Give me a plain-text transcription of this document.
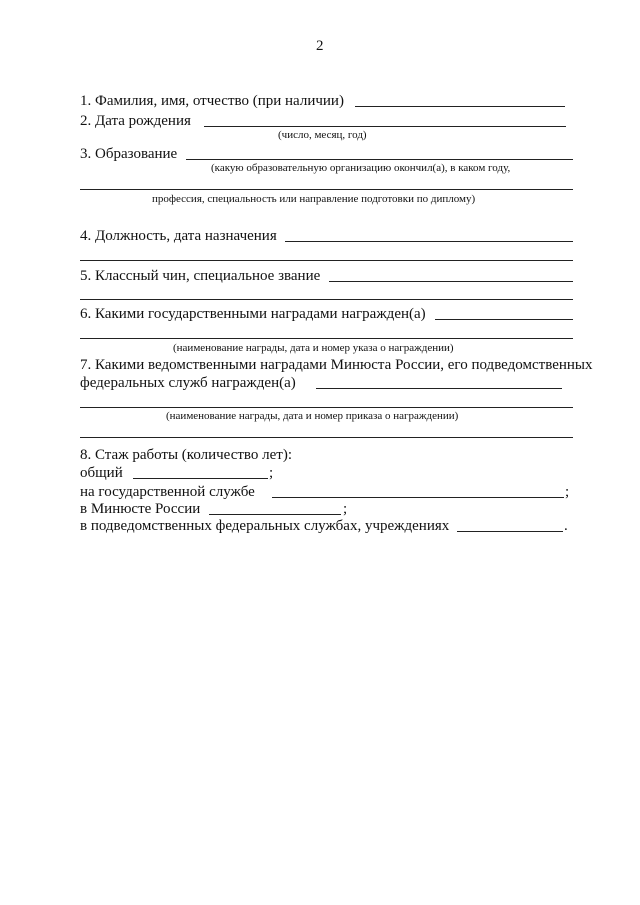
2
1. Фамилия, имя, отчество (при наличии)
2. Дата рождения
(число, месяц, год)
3. Образование
(какую образовательную организацию окончил(а), в каком году,
профессия, специальность или направление подготовки по диплому)
4. Должность, дата назначения
5. Классный чин, специальное звание
6. Какими государственными наградами награжден(а)
(наименование награды, дата и номер указа о награждении)
7. Какими ведомственными наградами Минюста России, его подведомственных
федеральных служб награжден(а)
(наименование награды, дата и номер приказа о награждении)
8. Стаж работы (количество лет):
общий	;
на государственной службе	;
в Минюсте России	;
в подведомственных федеральных службах, учреждениях	.
